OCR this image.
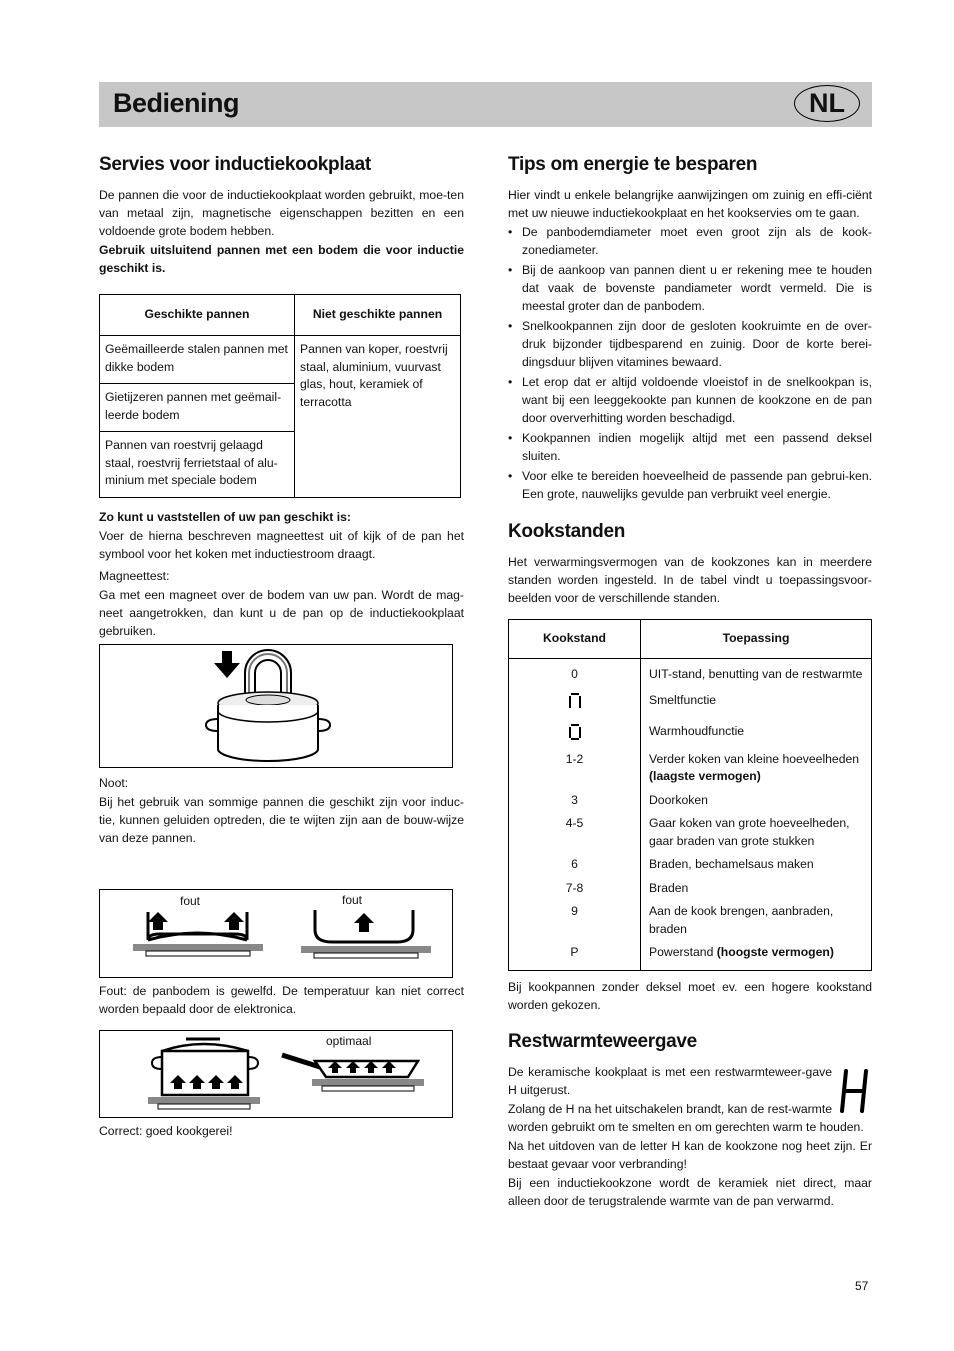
Bediening	NL
Servies voor inductiekookplaat

De pannen die voor de inductiekookplaat worden gebruikt, moe-ten van metaal zijn, magnetische eigenschappen bezitten en een voldoende grote bodem hebben.

Gebruik uitsluitend pannen met een bodem die voor inductie geschikt is.

Geschikte pannen	Niet geschikte pannen
Geëmailleerde stalen pannen met dikke bodem	Pannen van koper, roestvrij staal, aluminium, vuurvast glas, hout, keramiek of terracotta
Gietijzeren pannen met geëmail-leerde bodem	
Pannen van roestvrij gelaagd staal, roestvrij ferrietstaal of alu-minium met speciale bodem	

Zo kunt u vaststellen of uw pan geschikt is:

Voer de hierna beschreven magneettest uit of kijk of de pan het symbool voor het koken met inductiestroom draagt.

Magneettest:

Ga met een magneet over de bodem van uw pan. Wordt de mag-neet aangetrokken, dan kunt u de pan op de inductiekookplaat gebruiken.

Noot:

Bij het gebruik van sommige pannen die geschikt zijn voor induc-tie, kunnen geluiden optreden, die te wijten zijn aan de bouw-wijze van deze pannen.

fout	fout

Fout: de panbodem is gewelfd. De temperatuur kan niet correct worden bepaald door de elektronica.

optimaal

Correct: goed kookgerei!

Tips om energie te besparen

Hier vindt u enkele belangrijke aanwijzingen om zuinig en effi-ciënt met uw nieuwe inductiekookplaat en het kookservies om te gaan.

• De panbodemdiameter moet even groot zijn als de kook-zonediameter.
• Bij de aankoop van pannen dient u er rekening mee te houden dat vaak de bovenste pandiameter wordt vermeld. Die is meestal groter dan de panbodem.
• Snelkookpannen zijn door de gesloten kookruimte en de over-druk bijzonder tijdbesparend en zuinig. Door de korte berei-dingsduur blijven vitamines bewaard.
• Let erop dat er altijd voldoende vloeistof in de snelkookpan is, want bij een leeggekookte pan kunnen de kookzone en de pan door oververhitting worden beschadigd.
• Kookpannen indien mogelijk altijd met een passend deksel sluiten.
• Voor elke te bereiden hoeveelheid de passende pan gebrui-ken. Een grote, nauwelijks gevulde pan verbruikt veel energie.
Kookstanden

Het verwarmingsvermogen van de kookzones kan in meerdere standen worden ingesteld. In de tabel vindt u toepassingsvoor-beelden voor de verschillende standen.

Kookstand	Toepassing
0	UIT-stand, benutting van de restwarmte
	Smeltfunctie
	Warmhoudfunctie
1-2	Verder koken van kleine hoeveelheden
(laagste vermogen)
3	Doorkoken
4-5	Gaar koken van grote hoeveelheden, gaar braden van grote stukken
6	Braden, bechamelsaus maken
7-8	Braden
9	Aan de kook brengen, aanbraden, braden
P	Powerstand (hoogste vermogen)

Bij kookpannen zonder deksel moet ev. een hogere kookstand worden gekozen.

Restwarmteweergave

De keramische kookplaat is met een restwarmteweer-gave H uitgerust.

Zolang de H na het uitschakelen brandt, kan de rest-warmte worden gebruikt om te smelten en om gerechten warm te houden.

Na het uitdoven van de letter H kan de kookzone nog heet zijn. Er bestaat gevaar voor verbranding!

Bij een inductiekookzone wordt de keramiek niet direct, maar alleen door de terugstralende warmte van de pan verwarmd.

57
